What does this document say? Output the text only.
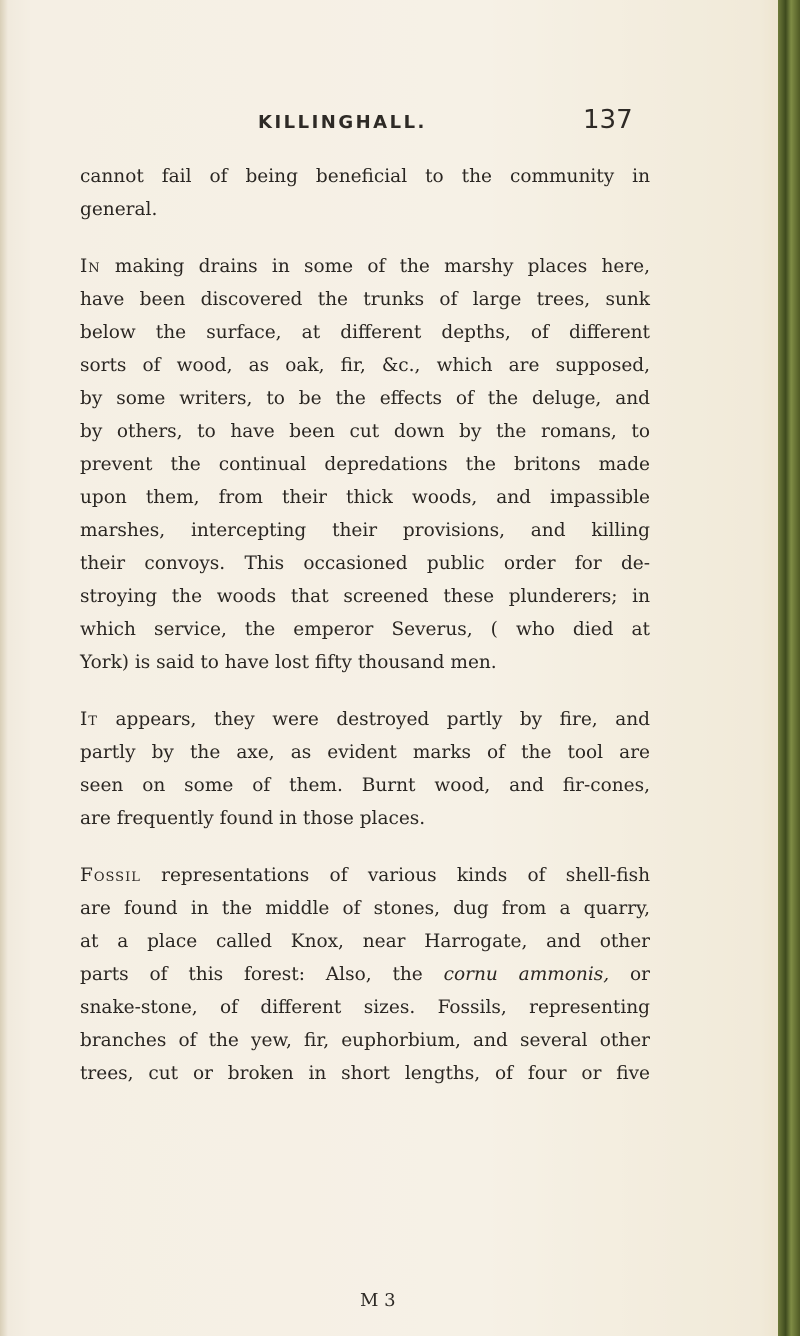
KILLINGHALL.	137
cannot fail of being beneficial to the community in
general.
In making drains in some of the marshy places here,
have been discovered the trunks of large trees, sunk
below the surface, at different depths, of different
sorts of wood, as oak, fir, &c., which are supposed,
by some writers, to be the effects of the deluge, and
by others, to have been cut down by the romans, to
prevent the continual depredations the britons made
upon them, from their thick woods, and impassible
marshes, intercepting their provisions, and killing
their convoys. This occasioned public order for de-
stroying the woods that screened these plunderers; in
which service, the emperor Severus, ( who died at
York) is said to have lost fifty thousand men.
It appears, they were destroyed partly by fire, and
partly by the axe, as evident marks of the tool are
seen on some of them. Burnt wood, and fir-cones,
are frequently found in those places.
Fossil representations of various kinds of shell-fish
are found in the middle of stones, dug from a quarry,
at a place called Knox, near Harrogate, and other
parts of this forest: Also, the cornu ammonis, or
snake-stone, of different sizes. Fossils, representing
branches of the yew, fir, euphorbium, and several other
trees, cut or broken in short lengths, of four or five
M 3
